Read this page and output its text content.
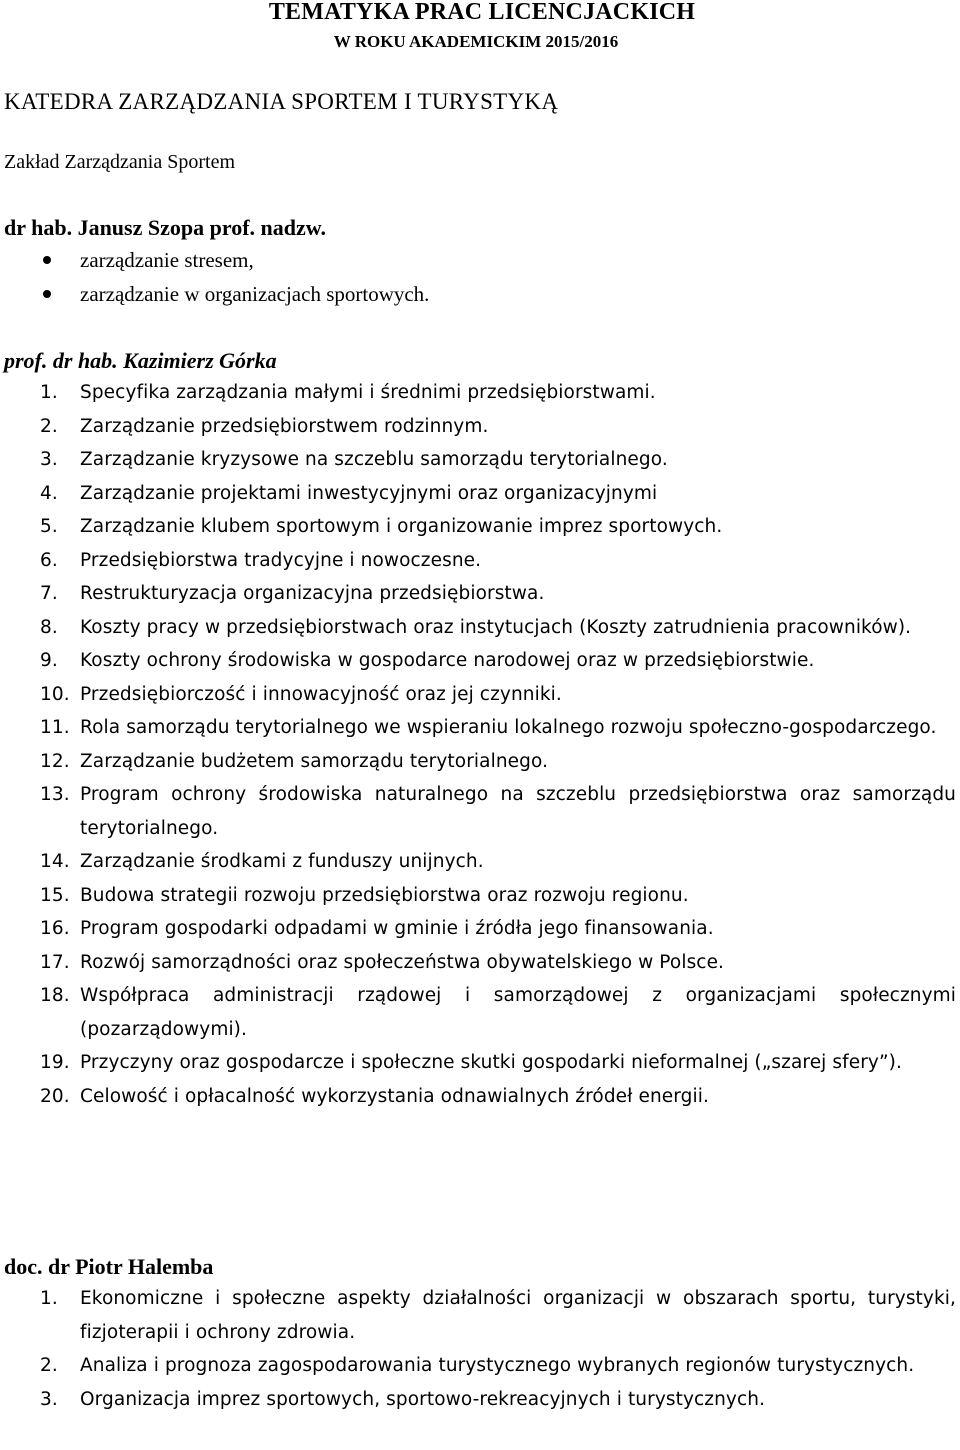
TEMATYKA PRAC LICENCJACKICH
W ROKU AKADEMICKIM 2015/2016
KATEDRA ZARZĄDZANIA SPORTEM I TURYSTYKĄ
Zakład Zarządzania Sportem
dr hab. Janusz Szopa prof. nadzw.
zarządzanie stresem,
zarządzanie w organizacjach sportowych.
prof. dr hab. Kazimierz Górka
1. Specyfika zarządzania małymi i średnimi przedsiębiorstwami.
2. Zarządzanie przedsiębiorstwem rodzinnym.
3. Zarządzanie kryzysowe na szczeblu samorządu terytorialnego.
4. Zarządzanie projektami inwestycyjnymi oraz organizacyjnymi
5. Zarządzanie klubem sportowym i organizowanie imprez sportowych.
6. Przedsiębiorstwa tradycyjne i nowoczesne.
7. Restrukturyzacja organizacyjna przedsiębiorstwa.
8. Koszty pracy w przedsiębiorstwach oraz instytucjach (Koszty zatrudnienia pracowników).
9. Koszty ochrony środowiska w gospodarce narodowej oraz w przedsiębiorstwie.
10. Przedsiębiorczość i innowacyjność oraz jej czynniki.
11. Rola samorządu terytorialnego we wspieraniu lokalnego rozwoju społeczno-gospodarczego.
12. Zarządzanie budżetem samorządu terytorialnego.
13. Program ochrony środowiska naturalnego na szczeblu przedsiębiorstwa oraz samorządu terytorialnego.
14. Zarządzanie środkami z funduszy unijnych.
15. Budowa strategii rozwoju przedsiębiorstwa oraz rozwoju regionu.
16. Program gospodarki odpadami w gminie i źródła jego finansowania.
17. Rozwój samorządności oraz społeczeństwa obywatelskiego w Polsce.
18. Współpraca administracji rządowej i samorządowej z organizacjami społecznymi (pozarządowymi).
19. Przyczyny oraz gospodarcze i społeczne skutki gospodarki nieformalnej („szarej sfery”).
20. Celowość i opłacalność wykorzystania odnawialnych źródeł energii.
doc. dr Piotr Halemba
1. Ekonomiczne i społeczne aspekty działalności organizacji w obszarach sportu, turystyki, fizjoterapii i ochrony zdrowia.
2. Analiza i prognoza zagospodarowania turystycznego wybranych regionów turystycznych.
3. Organizacja imprez sportowych, sportowo-rekreacyjnych i turystycznych.
